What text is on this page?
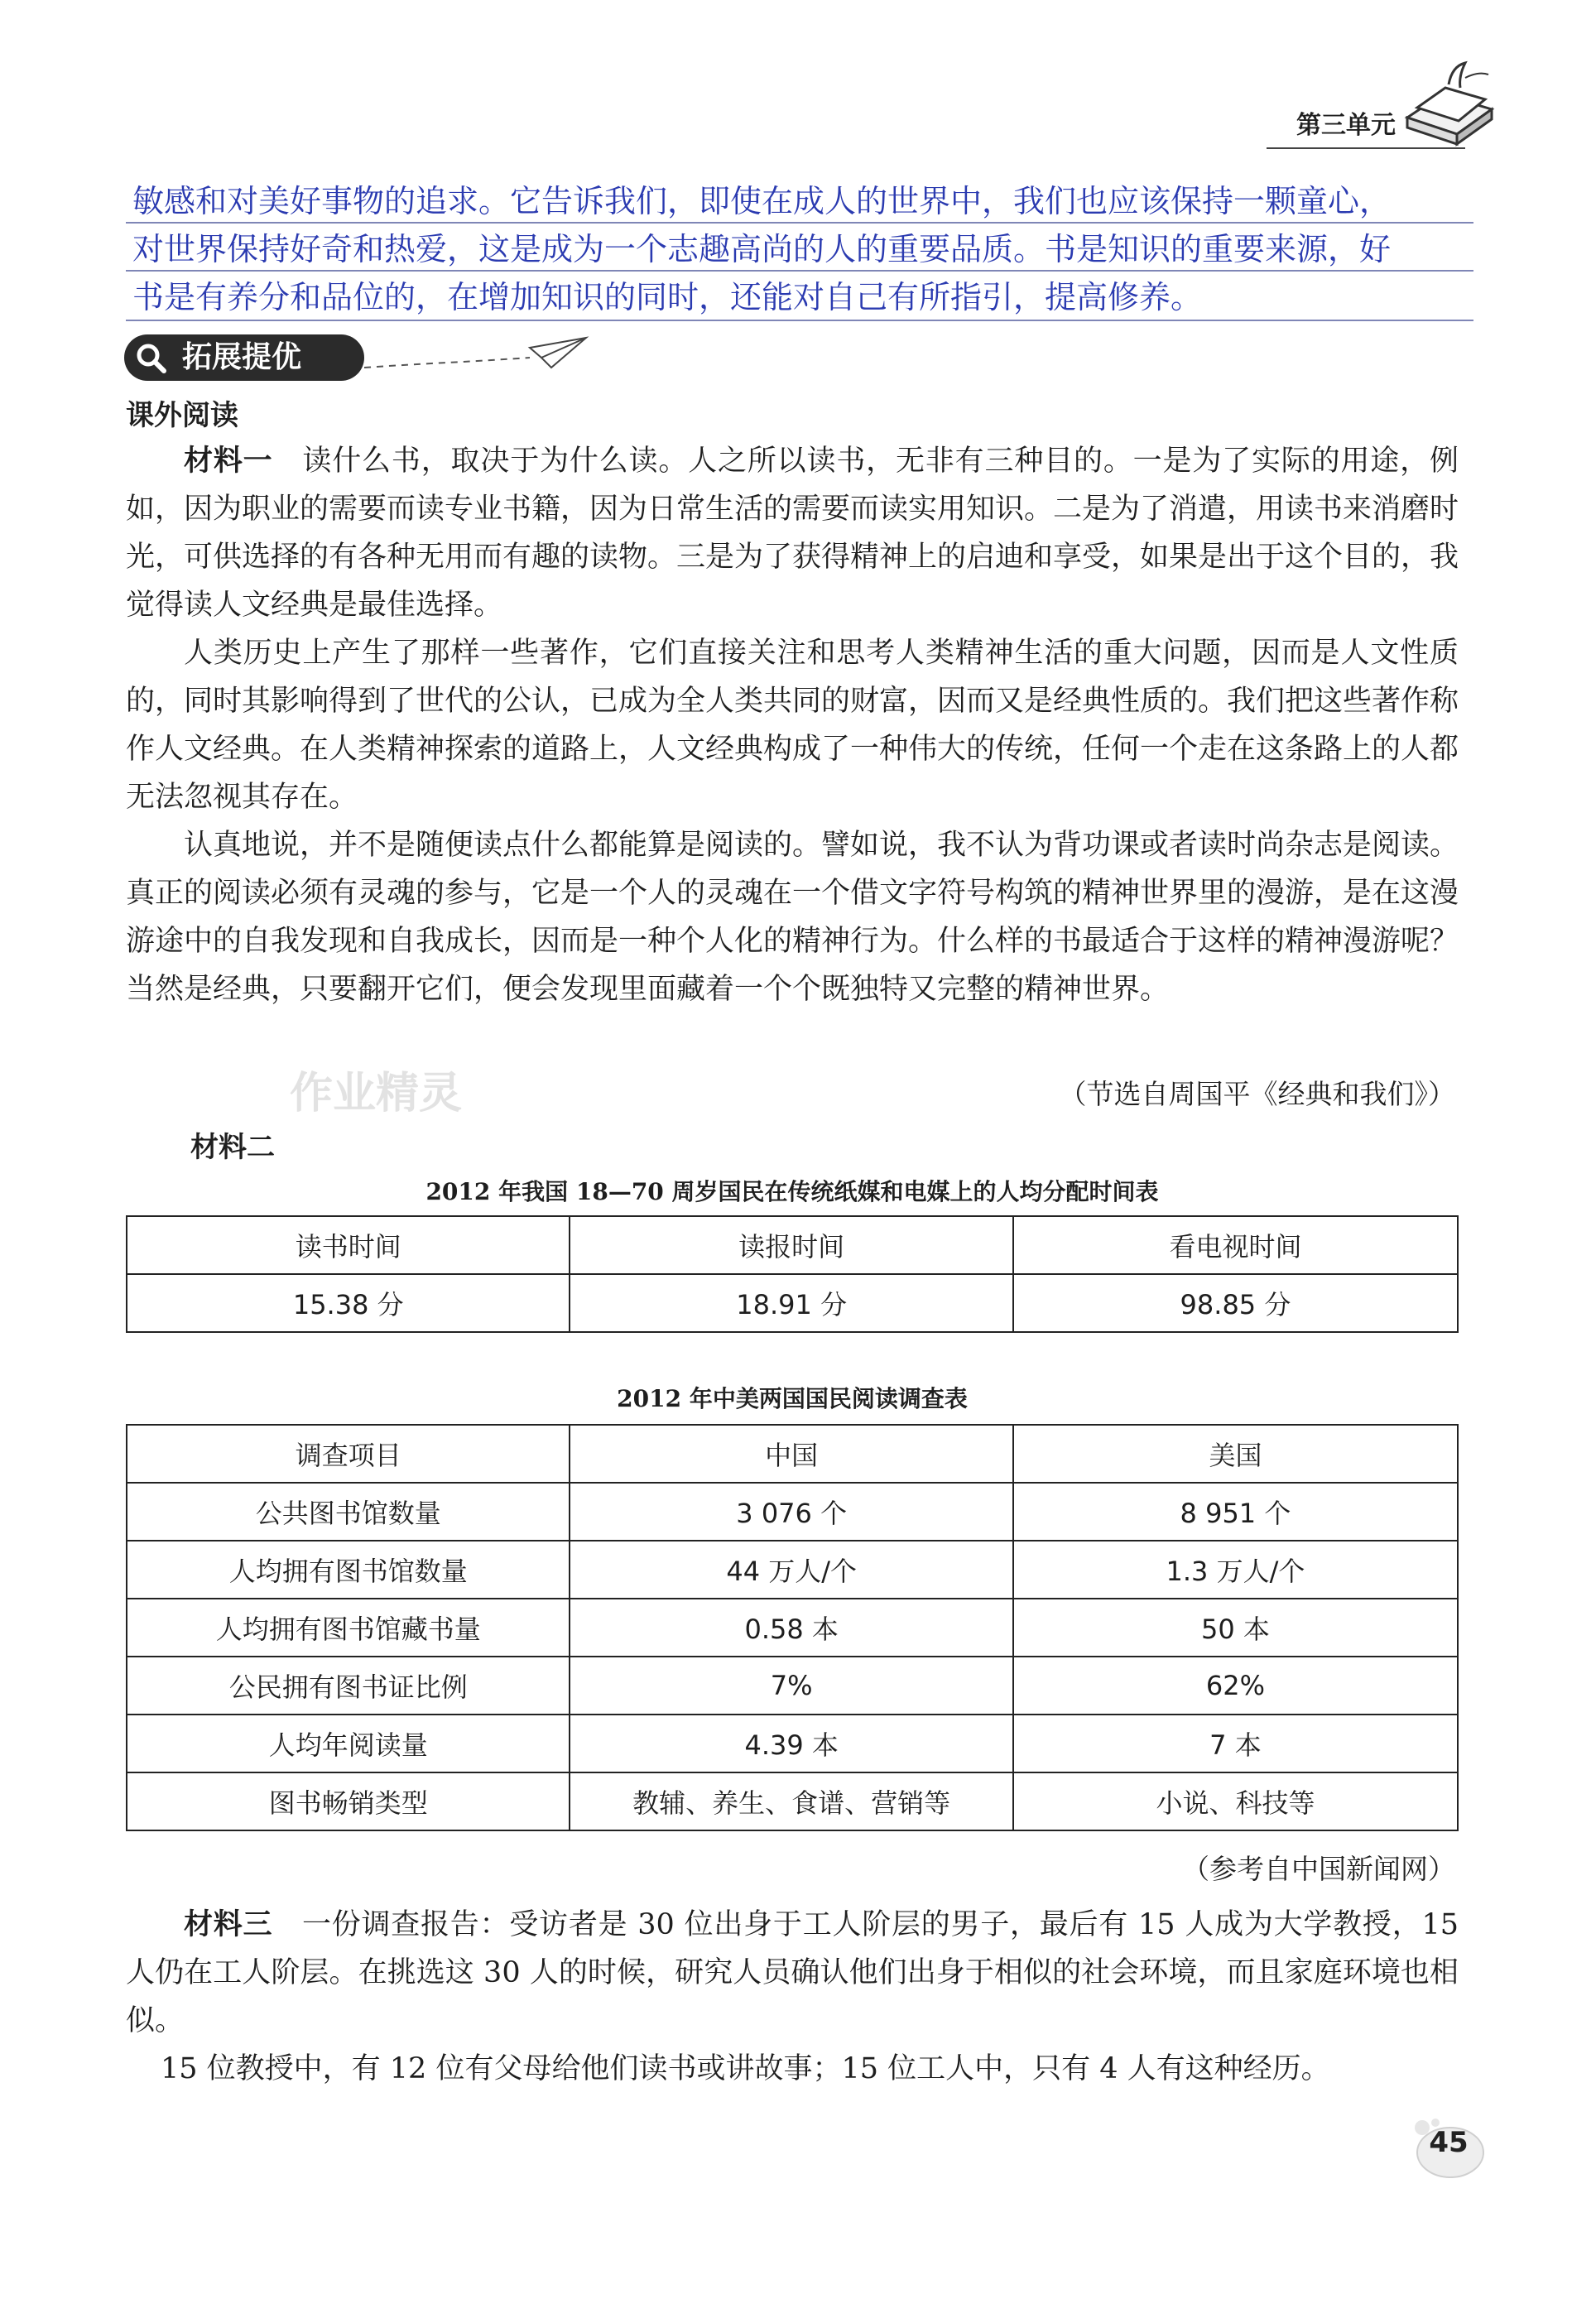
第三单元
敏感和对美好事物的追求。它告诉我们，即使在成人的世界中，我们也应该保持一颗童心，
对世界保持好奇和热爱，这是成为一个志趣高尚的人的重要品质。书是知识的重要来源，好
书是有养分和品位的，在增加知识的同时，还能对自己有所指引，提高修养。
拓展提优
课外阅读

材料一 读什么书，取决于为什么读。人之所以读书，无非有三种目的。一是为了实际的用途，例如，因为职业的需要而读专业书籍，因为日常生活的需要而读实用知识。二是为了消遣，用读书来消磨时光，可供选择的有各种无用而有趣的读物。三是为了获得精神上的启迪和享受，如果是出于这个目的，我觉得读人文经典是最佳选择。

人类历史上产生了那样一些著作，它们直接关注和思考人类精神生活的重大问题，因而是人文性质的，同时其影响得到了世代的公认，已成为全人类共同的财富，因而又是经典性质的。我们把这些著作称作人文经典。在人类精神探索的道路上，人文经典构成了一种伟大的传统，任何一个走在这条路上的人都无法忽视其存在。

认真地说，并不是随便读点什么都能算是阅读的。譬如说，我不认为背功课或者读时尚杂志是阅读。真正的阅读必须有灵魂的参与，它是一个人的灵魂在一个借文字符号构筑的精神世界里的漫游，是在这漫游途中的自我发现和自我成长，因而是一种个人化的精神行为。什么样的书最适合于这样的精神漫游呢？当然是经典，只要翻开它们，便会发现里面藏着一个个既独特又完整的精神世界。

（节选自周国平《经典和我们》）
材料二
2012 年我国 18—70 周岁国民在传统纸媒和电媒上的人均分配时间表
读书时间	读报时间	看电视时间
15.38 分	18.91 分	98.85 分
2012 年中美两国国民阅读调查表
调查项目	中国	美国
公共图书馆数量	3 076 个	8 951 个
人均拥有图书馆数量	44 万人/个	1.3 万人/个
人均拥有图书馆藏书量	0.58 本	50 本
公民拥有图书证比例	7%	62%
人均年阅读量	4.39 本	7 本
图书畅销类型	教辅、养生、食谱、营销等	小说、科技等
（参考自中国新闻网）

材料三 一份调查报告：受访者是 30 位出身于工人阶层的男子，最后有 15 人成为大学教授，15 人仍在工人阶层。在挑选这 30 人的时候，研究人员确认他们出身于相似的社会环境，而且家庭环境也相似。

15 位教授中，有 12 位有父母给他们读书或讲故事；15 位工人中，只有 4 人有这种经历。

作业精灵
45
